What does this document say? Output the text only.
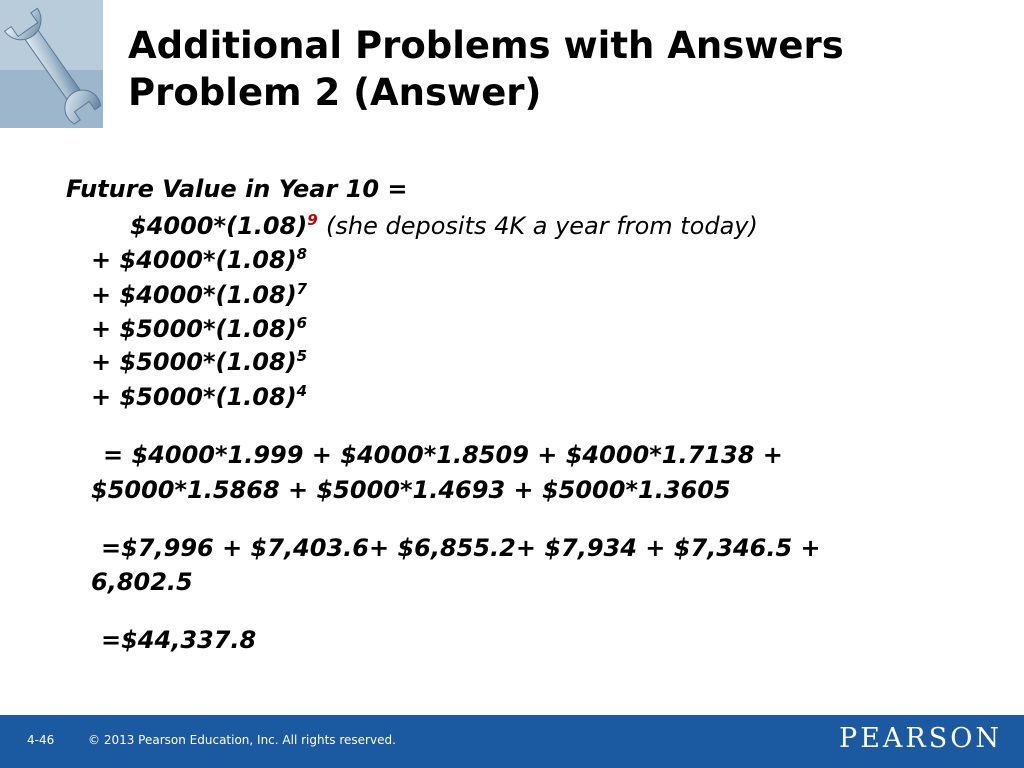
Additional Problems with Answers
Problem 2 (Answer)
Future Value in Year 10 =
$\$4000*(1.08)^9$ (she deposits 4K a year from today)
+ $\$4000*(1.08)^8$
+ $\$4000*(1.08)^7$
+ $\$5000*(1.08)^6$
+ $\$5000*(1.08)^5$
+ $\$5000*(1.08)^4$
= $4000*1.999 + $4000*1.8509 + $4000*1.7138 +
$5000*1.5868 + $5000*1.4693 + $5000*1.3605
=$7,996 + $7,403.6+ $6,855.2+ $7,934 + $7,346.5 +
6,802.5
=$44,337.8
4-46	© 2013 Pearson Education, Inc. All rights reserved.	PEARSON
